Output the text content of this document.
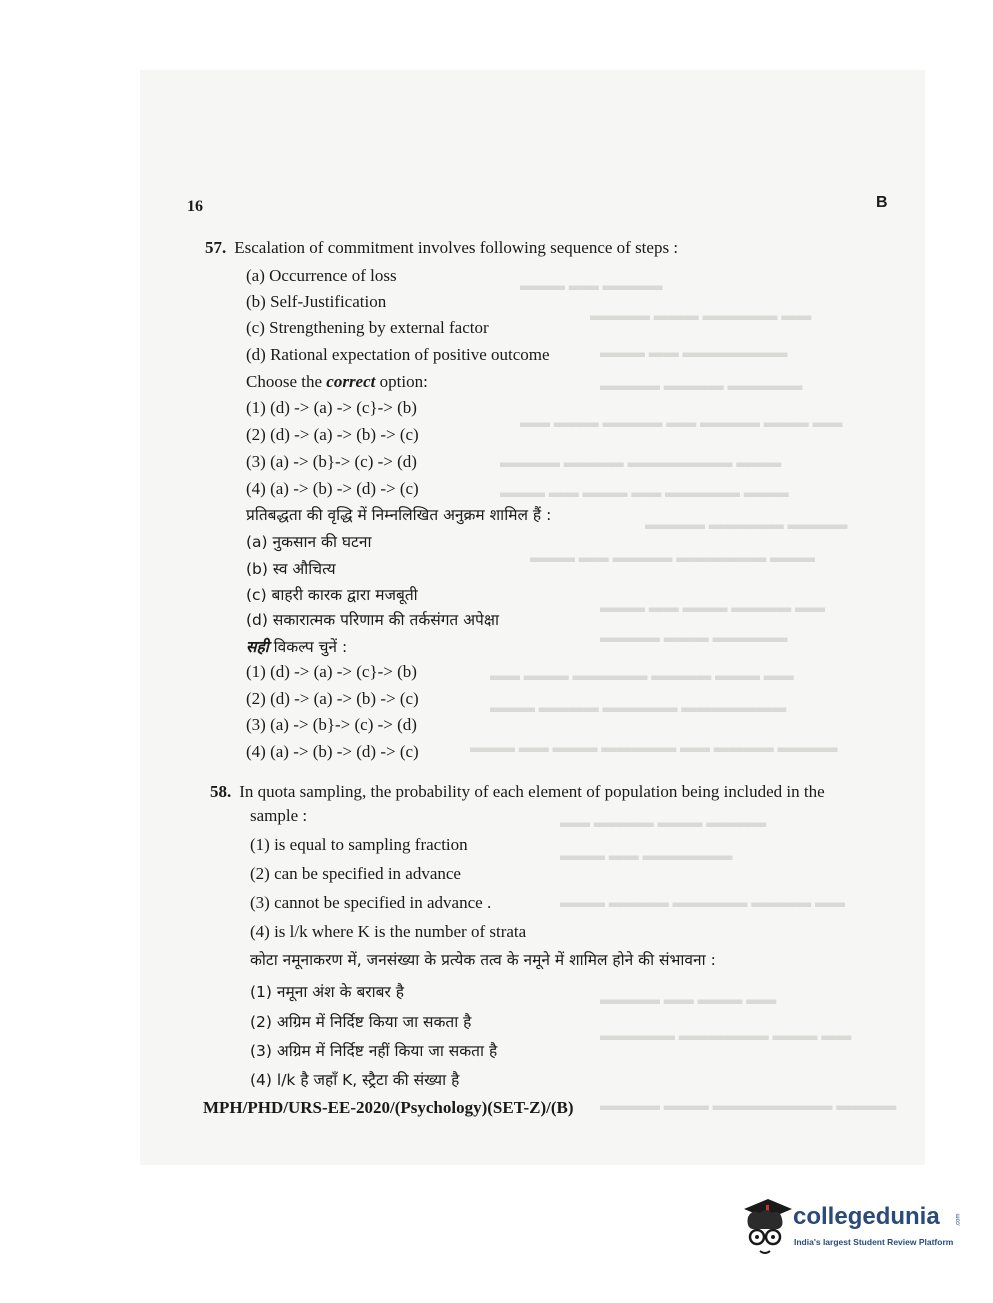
▬▬▬ ▬▬ ▬▬▬▬
▬▬▬▬ ▬▬▬ ▬▬▬▬▬ ▬▬
▬▬▬ ▬▬ ▬▬▬▬▬▬▬
▬▬▬▬ ▬▬▬▬ ▬▬▬▬▬
▬▬ ▬▬▬ ▬▬▬▬ ▬▬ ▬▬▬▬ ▬▬▬ ▬▬
▬▬▬▬ ▬▬▬▬ ▬▬▬▬▬▬▬ ▬▬▬
▬▬▬ ▬▬ ▬▬▬ ▬▬ ▬▬▬▬▬ ▬▬▬
▬▬▬▬ ▬▬▬▬▬ ▬▬▬▬
▬▬▬ ▬▬ ▬▬▬▬ ▬▬▬▬▬▬ ▬▬▬
▬▬▬ ▬▬ ▬▬▬ ▬▬▬▬ ▬▬
▬▬▬▬ ▬▬▬ ▬▬▬▬▬
▬▬ ▬▬▬ ▬▬▬▬▬ ▬▬▬▬ ▬▬▬ ▬▬
▬▬▬ ▬▬▬▬ ▬▬▬▬▬ ▬▬▬▬▬▬▬
▬▬▬ ▬▬ ▬▬▬ ▬▬▬▬▬ ▬▬ ▬▬▬▬ ▬▬▬▬
▬▬ ▬▬▬▬ ▬▬▬ ▬▬▬▬
▬▬▬ ▬▬ ▬▬▬▬▬▬
▬▬▬ ▬▬▬▬ ▬▬▬▬▬ ▬▬▬▬ ▬▬
▬▬▬▬ ▬▬ ▬▬▬ ▬▬
▬▬▬▬▬ ▬▬▬▬▬▬ ▬▬▬ ▬▬
▬▬▬▬ ▬▬▬ ▬▬▬▬▬▬▬▬ ▬▬▬▬
16	B
57. Escalation of commitment involves following sequence of steps :
(a) Occurrence of loss
(b) Self-Justification
(c) Strengthening by external factor
(d) Rational expectation of positive outcome
Choose the correct option:
(1) (d) -> (a) -> (c}-> (b)
(2) (d) -> (a) -> (b) -> (c)
(3) (a) -> (b}-> (c) -> (d)
(4) (a) -> (b) -> (d) -> (c)
प्रतिबद्धता की वृद्धि में निम्नलिखित अनुक्रम शामिल हैं :
(a) नुकसान की घटना
(b) स्व औचित्य
(c) बाहरी कारक द्वारा मजबूती
(d) सकारात्मक परिणाम की तर्कसंगत अपेक्षा
सही विकल्प चुनें :
(1) (d) -> (a) -> (c}-> (b)
(2) (d) -> (a) -> (b) -> (c)
(3) (a) -> (b}-> (c) -> (d)
(4) (a) -> (b) -> (d) -> (c)
58. In quota sampling, the probability of each element of population being included in the
sample :
(1) is equal to sampling fraction
(2) can be specified in advance
(3) cannot be specified in advance .
(4) is l/k where K is the number of strata
कोटा नमूनाकरण में, जनसंख्या के प्रत्येक तत्व के नमूने में शामिल होने की संभावना :
(1) नमूना अंश के बराबर है
(2) अग्रिम में निर्दिष्ट किया जा सकता है
(3) अग्रिम में निर्दिष्ट नहीं किया जा सकता है
(4) l/k है जहाँ K, स्ट्रैटा की संख्या है
MPH/PHD/URS-EE-2020/(Psychology)(SET-Z)/(B)
collegedunia	.com
India's largest Student Review Platform
